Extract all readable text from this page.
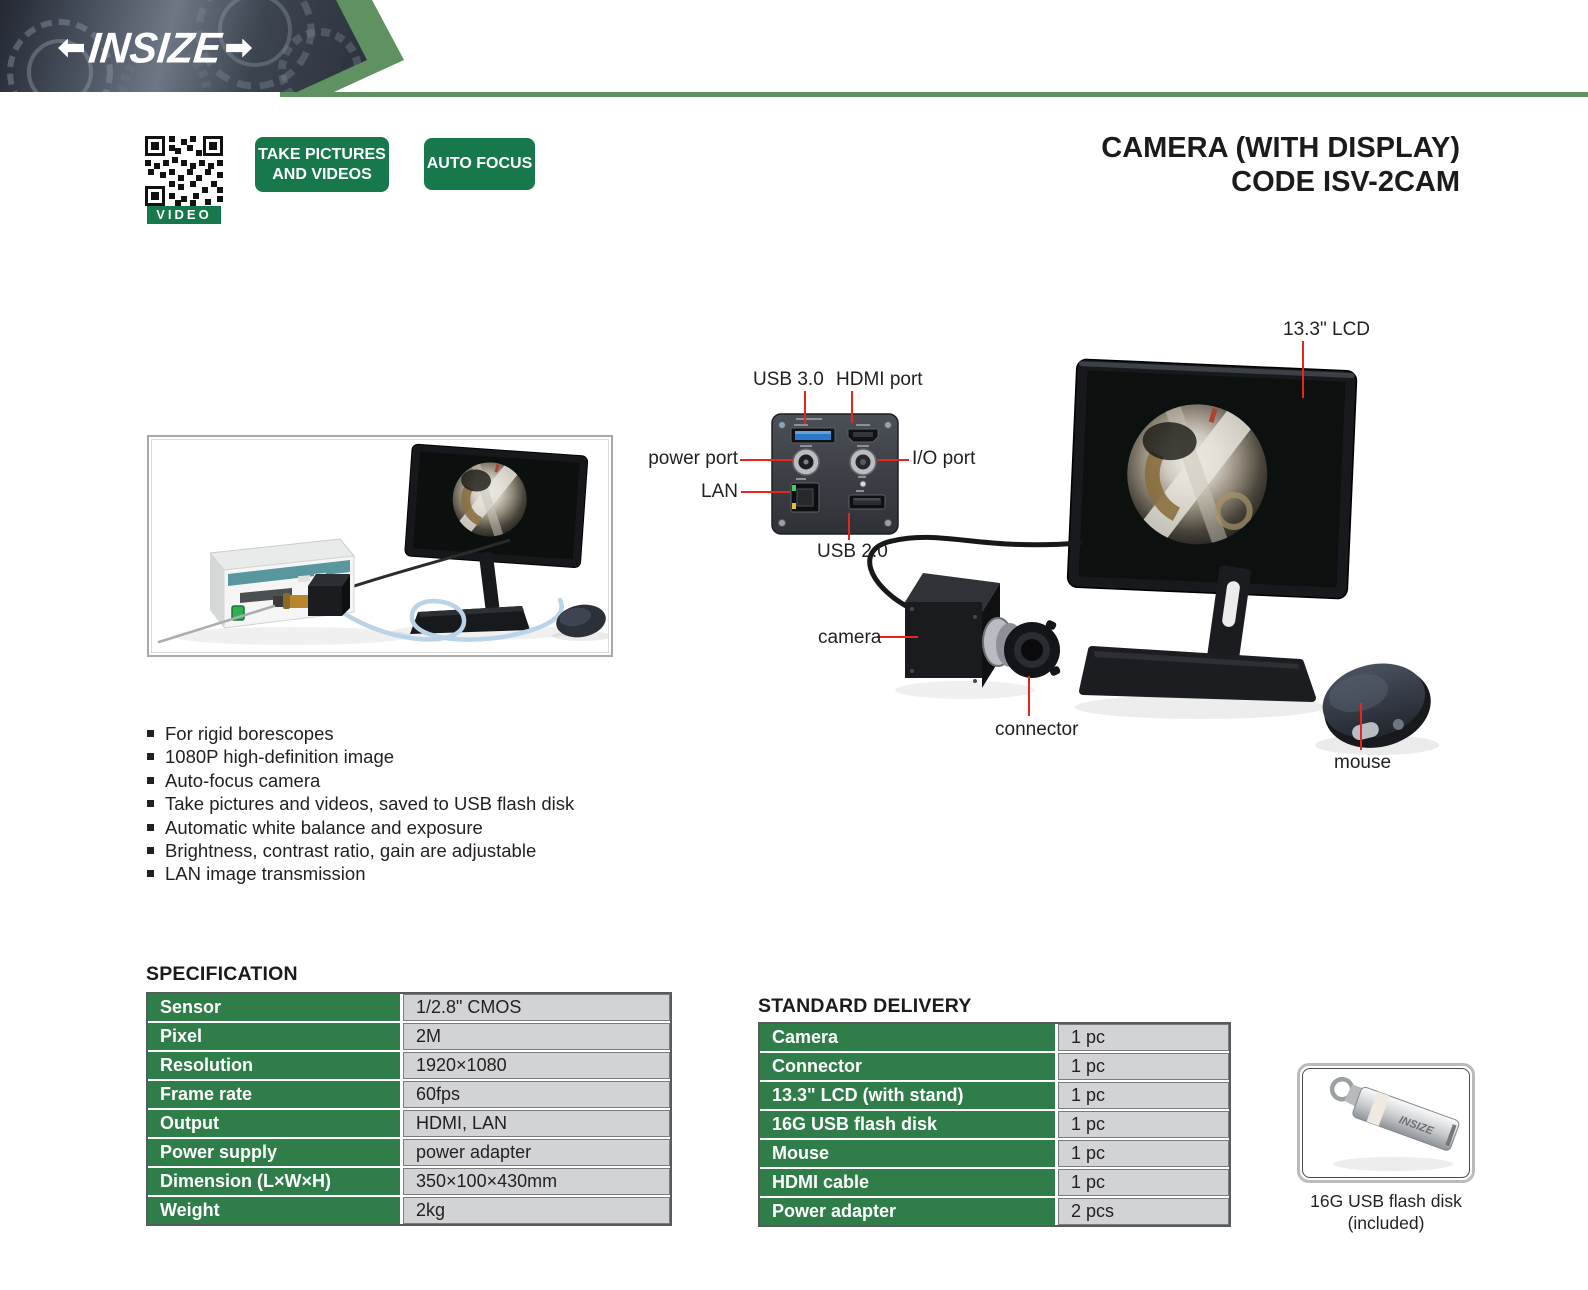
INSIZE
VIDEO
TAKE PICTURES
AND VIDEOS
AUTO FOCUS	CAMERA (WITH DISPLAY)
CODE ISV-2CAM
USB 3.0 HDMI port
power port	I/O port
LAN
USB 2.0
13.3" LCD
camera
connector
mouse
For rigid borescopes
1080P high-definition image
Auto-focus camera
Take pictures and videos, saved to USB flash disk
Automatic white balance and exposure
Brightness, contrast ratio, gain are adjustable
LAN image transmission
SPECIFICATION
Sensor	1/2.8" CMOS
Pixel	2M
Resolution	1920×1080
Frame rate	60fps
Output	HDMI, LAN
Power supply	power adapter
Dimension (L×W×H)	350×100×430mm
Weight	2kg
STANDARD DELIVERY
Camera	1 pc
Connector	1 pc
13.3" LCD (with stand)	1 pc
16G USB flash disk	1 pc
Mouse	1 pc
HDMI cable	1 pc
Power adapter	2 pcs
INSIZE
16G USB flash disk
(included)
